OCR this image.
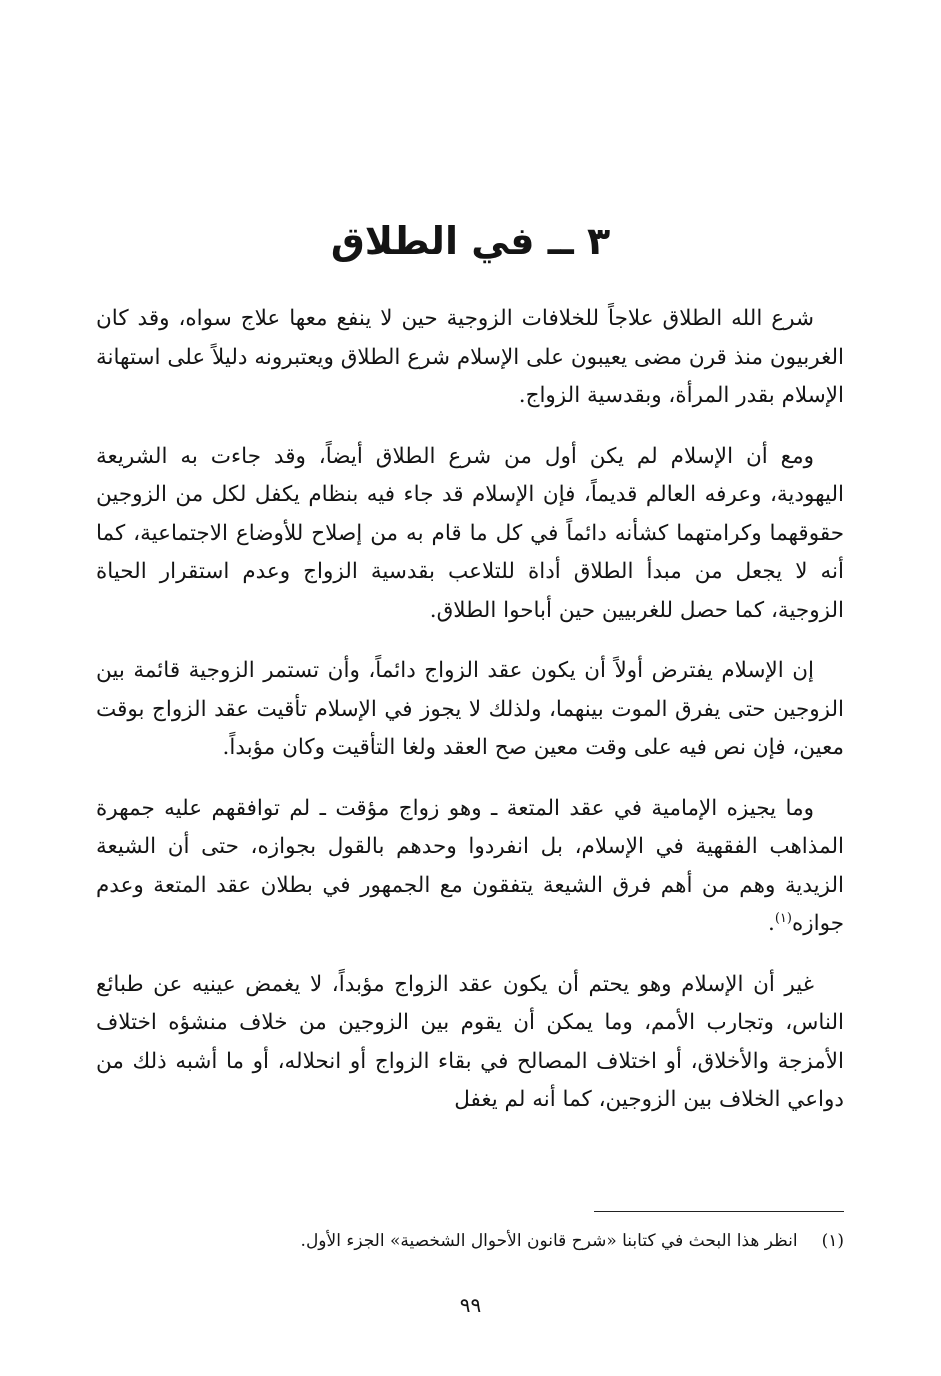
٣ ــ في الطلاق

شرع الله الطلاق علاجاً للخلافات الزوجية حين لا ينفع معها علاج سواه، وقد كان الغربيون منذ قرن مضى يعيبون على الإسلام شرع الطلاق ويعتبرونه دليلاً على استهانة الإسلام بقدر المرأة، وبقدسية الزواج.

ومع أن الإسلام لم يكن أول من شرع الطلاق أيضاً، وقد جاءت به الشريعة اليهودية، وعرفه العالم قديماً، فإن الإسلام قد جاء فيه بنظام يكفل لكل من الزوجين حقوقهما وكرامتهما كشأنه دائماً في كل ما قام به من إصلاح للأوضاع الاجتماعية، كما أنه لا يجعل من مبدأ الطلاق أداة للتلاعب بقدسية الزواج وعدم استقرار الحياة الزوجية، كما حصل للغربيين حين أباحوا الطلاق.

إن الإسلام يفترض أولاً أن يكون عقد الزواج دائماً، وأن تستمر الزوجية قائمة بين الزوجين حتى يفرق الموت بينهما، ولذلك لا يجوز في الإسلام تأقيت عقد الزواج بوقت معين، فإن نص فيه على وقت معين صح العقد ولغا التأقيت وكان مؤبداً.

وما يجيزه الإمامية في عقد المتعة ـ وهو زواج مؤقت ـ لم توافقهم عليه جمهرة المذاهب الفقهية في الإسلام، بل انفردوا وحدهم بالقول بجوازه، حتى أن الشيعة الزيدية وهم من أهم فرق الشيعة يتفقون مع الجمهور في بطلان عقد المتعة وعدم جوازه$^{(١)}$.

غير أن الإسلام وهو يحتم أن يكون عقد الزواج مؤبداً، لا يغمض عينيه عن طبائع الناس، وتجارب الأمم، وما يمكن أن يقوم بين الزوجين من خلاف منشؤه اختلاف الأمزجة والأخلاق، أو اختلاف المصالح في بقاء الزواج أو انحلاله، أو ما أشبه ذلك من دواعي الخلاف بين الزوجين، كما أنه لم يغفل

(١)انظر هذا البحث في كتابنا «شرح قانون الأحوال الشخصية» الجزء الأول.
٩٩
